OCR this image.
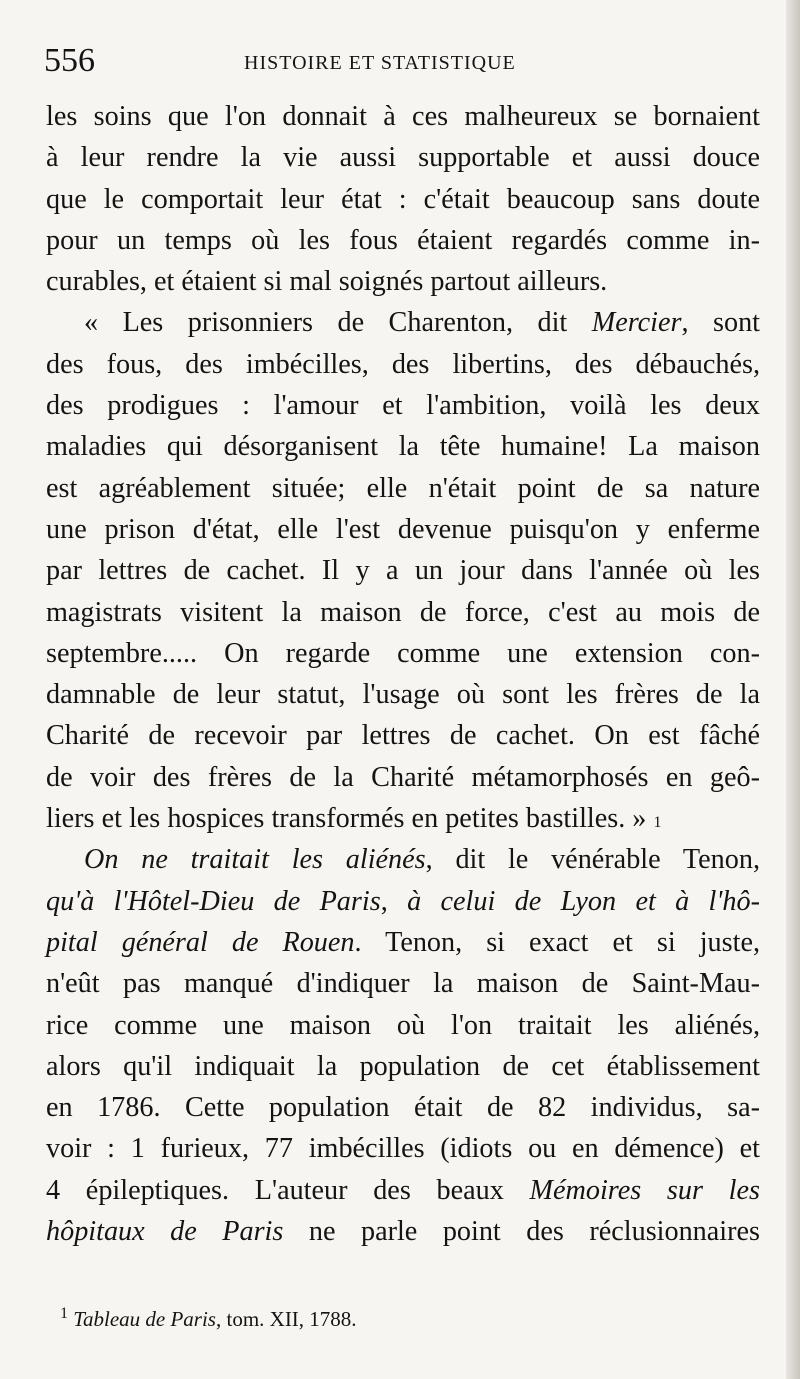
556	HISTOIRE ET STATISTIQUE
les soins que l'on donnait à ces malheureux se bornaient
à leur rendre la vie aussi supportable et aussi douce
que le comportait leur état : c'était beaucoup sans doute
pour un temps où les fous étaient regardés comme in-
curables, et étaient si mal soignés partout ailleurs.
« Les prisonniers de Charenton, dit Mercier, sont
des fous, des imbécilles, des libertins, des débauchés,
des prodigues : l'amour et l'ambition, voilà les deux
maladies qui désorganisent la tête humaine! La maison
est agréablement située; elle n'était point de sa nature
une prison d'état, elle l'est devenue puisqu'on y enferme
par lettres de cachet. Il y a un jour dans l'année où les
magistrats visitent la maison de force, c'est au mois de
septembre..... On regarde comme une extension con-
damnable de leur statut, l'usage où sont les frères de la
Charité de recevoir par lettres de cachet. On est fâché
de voir des frères de la Charité métamorphosés en geô-
liers et les hospices transformés en petites bastilles. » 1
On ne traitait les aliénés, dit le vénérable Tenon,
qu'à l'Hôtel-Dieu de Paris, à celui de Lyon et à l'hô-
pital général de Rouen. Tenon, si exact et si juste,
n'eût pas manqué d'indiquer la maison de Saint-Mau-
rice comme une maison où l'on traitait les aliénés,
alors qu'il indiquait la population de cet établissement
en 1786. Cette population était de 82 individus, sa-
voir : 1 furieux, 77 imbécilles (idiots ou en démence) et
4 épileptiques. L'auteur des beaux Mémoires sur les
hôpitaux de Paris ne parle point des réclusionnaires
$^1$ Tableau de Paris, tom. XII, 1788.
